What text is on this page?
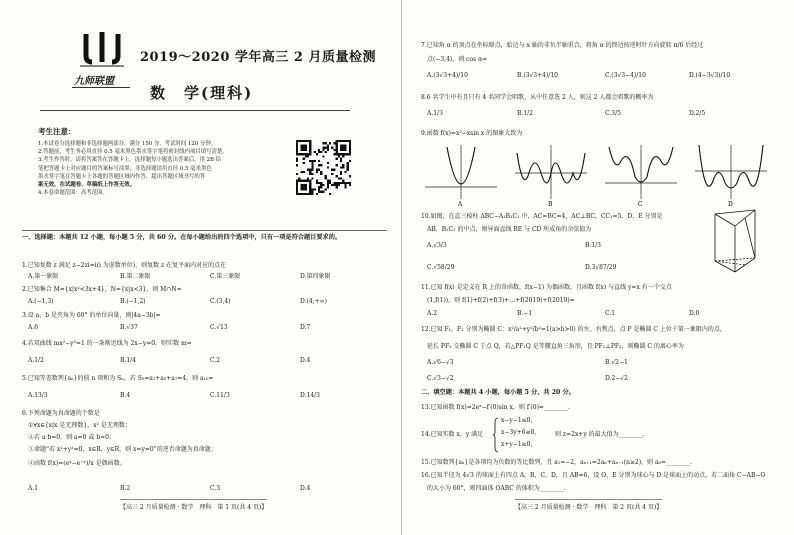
九师联盟
2019～2020 学年高三 2 月质量检测
数　学(理科)
考生注意：
1.本试卷分选择题和非选择题两部分。满分 150 分，考试时间 120 分钟。
2.答题前，考生务必用直径 0.5 毫米黑色墨水签字笔将密封线内项目填写清楚。
3.考生作答时，请将答案答在答题卡上。选择题每小题选出答案后，用 2B 铅
笔把答题卡上对应题目的答案标号涂黑；非选择题请用直径 0.5 毫米黑色
墨水签字笔在答题卡上各题的答题区域内作答，超出答题区域书写的答
案无效，在试题卷、草稿纸上作答无效。
4.本卷命题范围：高考范围。
一、选择题：本题共 12 小题，每小题 5 分，共 60 分。在每小题给出的四个选项中，只有一项是符合题目要求的。
1.已知复数 z 满足 z−2zi=i(i 为虚数单位)，则复数 z 在复平面内对应的点在
A.第一象限	B.第二象限	C.第三象限	D.第四象限
2.已知集合 M={x|x²<3x+4}，N={x|x<3}，则 M∩N=
A.(−1,3)	B.(−1,2)	C.(3,4)	D.(4,+∞)
3.设 a，b 是夹角为 60° 的单位向量，则|4a−3b|=
A.6	B.√37	C.√13	D.7
4.若双曲线 mx²−y²=1 的一条渐近线为 2x−y=0，则实数 m=
A.1/2	B.1/4	C.2	D.4
5.已知等差数列{aₙ}的前 n 项和为 Sₙ，若 S₅=a₁+a₅+a₇=4，则 a₁₀=
A.13/3	B.4	C.11/3	D.14/3
6.下列命题为真命题的个数是
①∀x∈{x|x 是无理数}，x² 是无理数；
②若 a·b=0，则 a=0 或 b=0；
③命题“若 x²+y²=0，x∈R，y∈R，则 x=y=0”的逆否命题为真命题；
④函数 f(x)=(eˣ−e⁻ˣ)/x 是偶函数。
A.1	B.2	C.3	D.4
【高三 2 月质量检测 · 数学　理科　第 1 页(共 4 页)】
7.已知角 α 的顶点在坐标原点，始边与 x 轴的非负半轴重合，将角 α 的终边按逆时针方向旋转 π/6 后经过
点(−3,4)，则 cos α=
A.(3√3+4)/10	B.(3√3+4)/10	C.(3√3−4)/10	D.(4−3√3)/10
8.6 名学生中有且只有 4 名同学会唱歌，从中任意选 2 人，则这 2 人都会唱歌的概率为
A.1/3	B.1/2	C.3/5	D.2/5
9.函数 f(x)=x²−xsin x 的图象大致为
A	B	C	D
10.如图，在直三棱柱 ABC−A₁B₁C₁ 中，AC=BC=4，AC⊥BC，CC₁=5，D，E 分别是
AB，B₁C₁ 的中点，则异面直线 BE 与 CD 所成角的余弦值为
A.√3/3	B.1/3
C.√58/29	D.3√87/29
11.已知 f(x) 是定义在 R 上的奇函数，f(x−1) 为偶函数，且函数 f(x) 与直线 y=x 有一个交点
(1,f(1))，则 f(1)+f(2)+f(3)+…+f(2019)+f(2019)=
A.2	B.−1	C.1	D.0
12.已知 F₁，F₂ 分别为椭圆 C：x²/a²+y²/b²=1(a>b>0) 的左、右焦点，点 P 是椭圆 C 上位于第一象限内的点，
延长 PF₂ 交椭圆 C 于点 Q，若△PF₁Q 是等腰直角三角形，且 PF₁⊥PF₂，则椭圆 C 的离心率为
A.√6−√3	B.√2−1
C.√3−√2	D.2−√2
二、填空题：本题共 4 小题，每小题 5 分，共 20 分。
13.已知函数 f(x)=2eˣ−f′(0)sin x，则 f′(0)=________.
14.已知实数 x，y 满足
x−y−1≤0,
x−3y+6≥0,
x+y−1≥0,
则 z=2x+y 的最大值为________.
15.已知数列{aₙ}是各项均为负数的等比数列，且 a₁=−2，aₙ₊₁=2aₙ+aₙ₋₁(n≥2)，则 a₆=________.
16.已知半径为 4√3 的球面上有四点 A，B，C，D，且 AB=6，设 O，E 分别为球心与 D 是球面上的动点，若二面角 C−AB−O
的大小为 60°，则四面体 OABC 的体积为________.
【高三 2 月质量检测 · 数学　理科　第 2 页(共 4 页)】
